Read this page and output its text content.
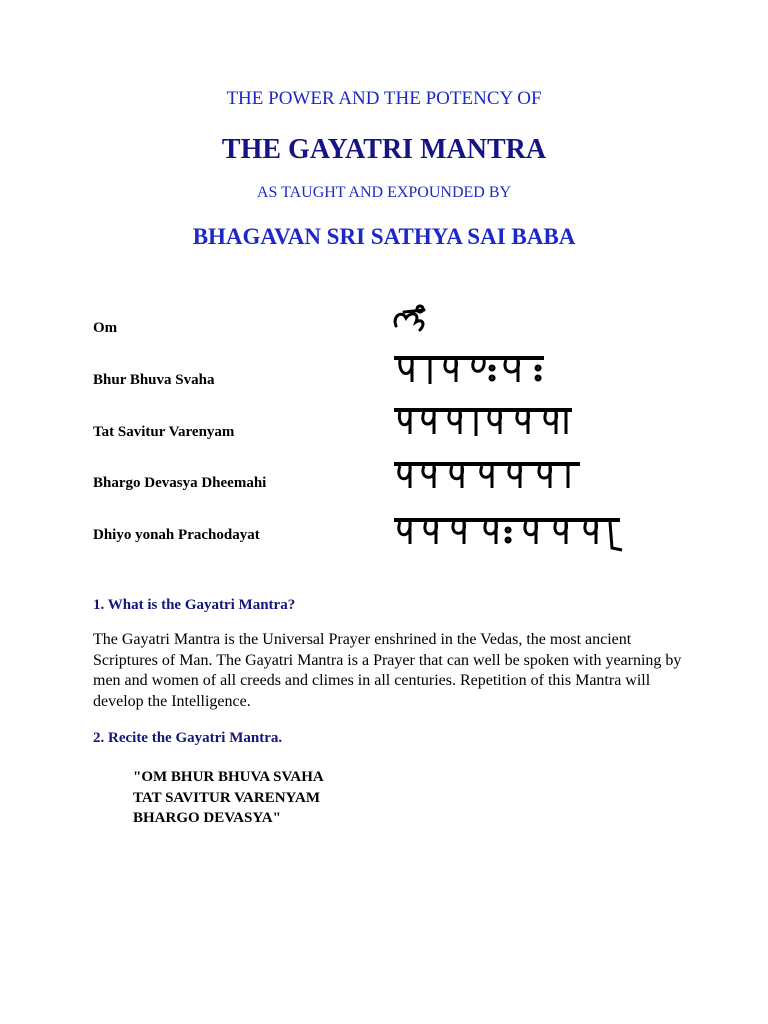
THE POWER AND THE POTENCY OF
THE GAYATRI MANTRA
AS TAUGHT AND EXPOUNDED BY
BHAGAVAN SRI SATHYA SAI BABA
Om
Bhur Bhuva Svaha
Tat Savitur Varenyam
Bhargo Devasya Dheemahi
Dhiyo yonah Prachodayat
1. What is the Gayatri Mantra?
The Gayatri Mantra is the Universal Prayer enshrined in the Vedas, the most ancient Scriptures of Man. The Gayatri Mantra is a Prayer that can well be spoken with yearning by men and women of all creeds and climes in all centuries. Repetition of this Mantra will develop the Intelligence.
2. Recite the Gayatri Mantra.
"OM BHUR BHUVA SVAHA
TAT SAVITUR VARENYAM
BHARGO DEVASYA"
